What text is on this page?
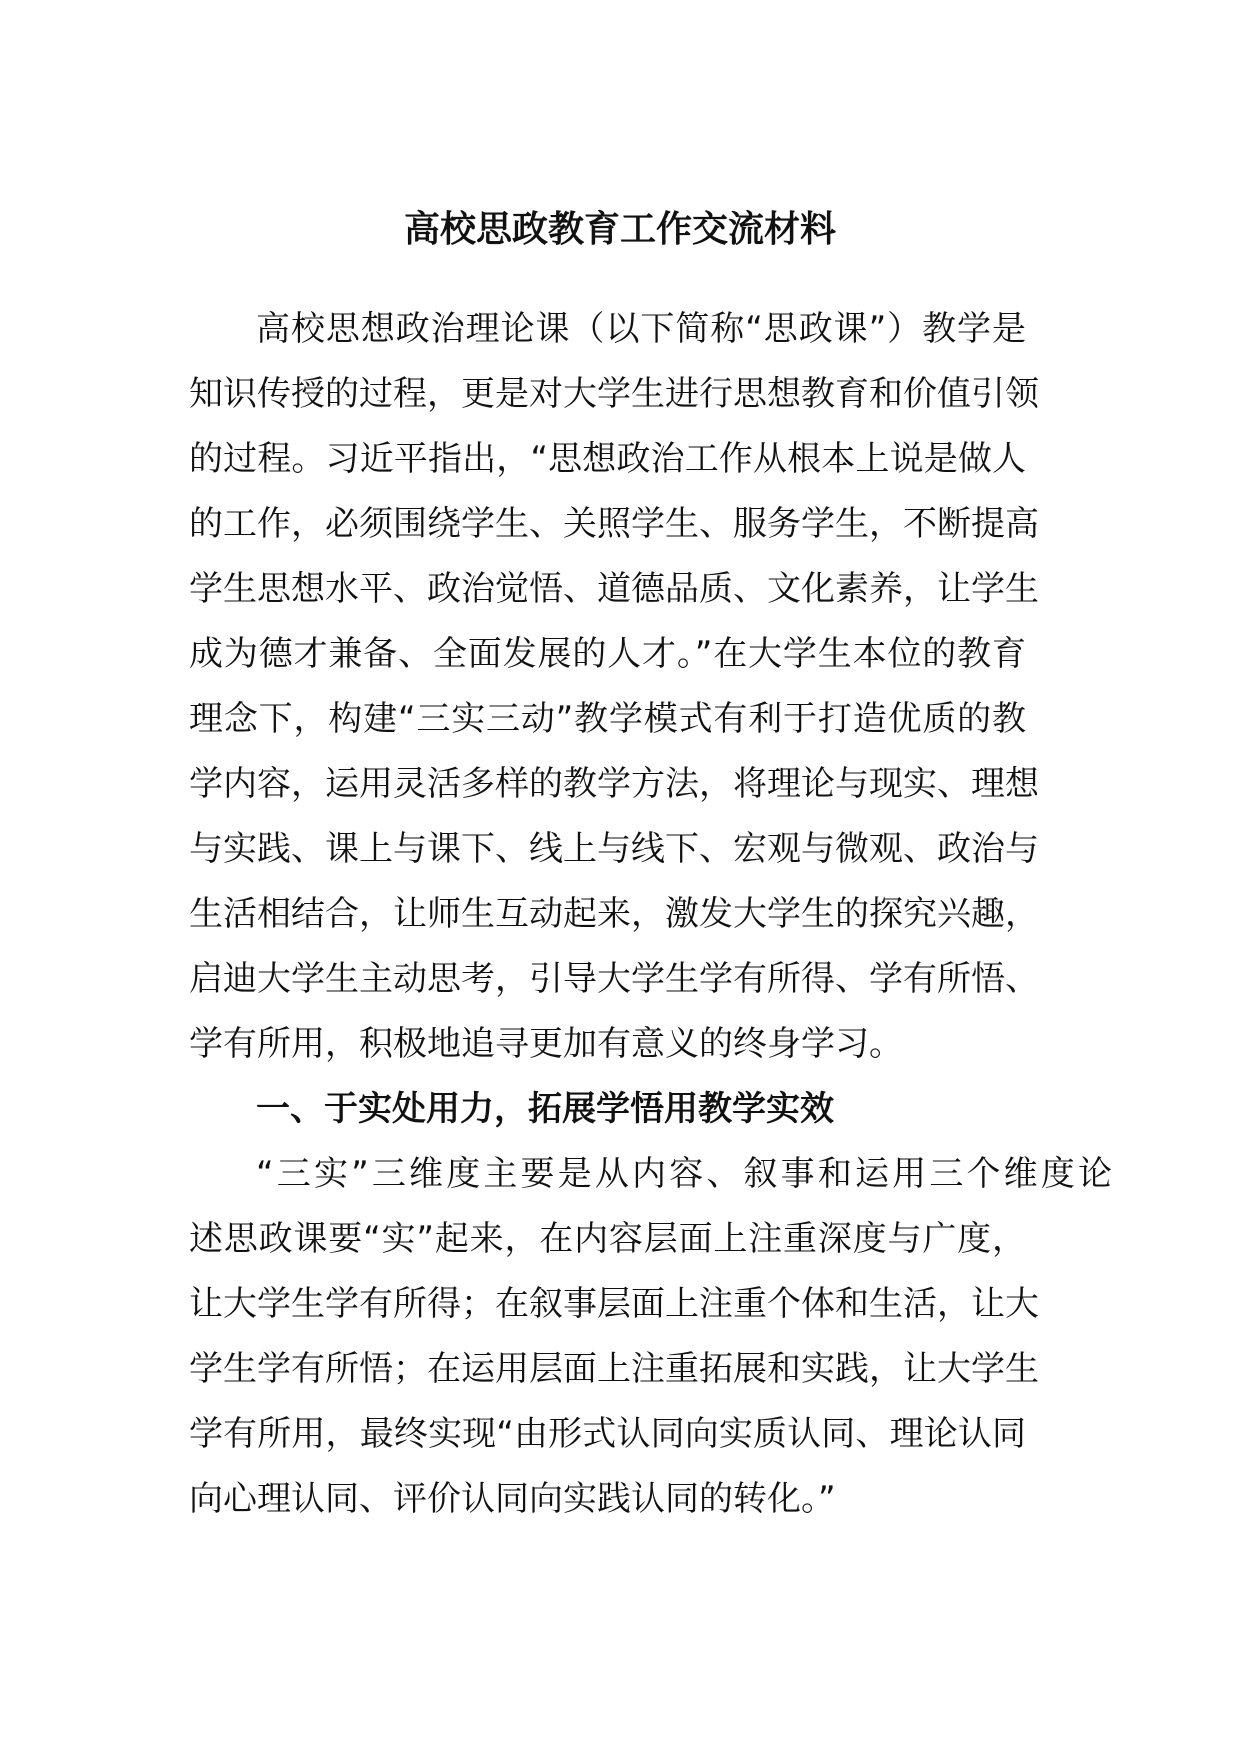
高校思政教育工作交流材料
高校思想政治理论课（以下简称“思政课”）教学是
知识传授的过程，更是对大学生进行思想教育和价值引领
的过程。习近平指出，“思想政治工作从根本上说是做人
的工作，必须围绕学生、关照学生、服务学生，不断提高
学生思想水平、政治觉悟、道德品质、文化素养，让学生
成为德才兼备、全面发展的人才。”在大学生本位的教育
理念下，构建“三实三动”教学模式有利于打造优质的教
学内容，运用灵活多样的教学方法，将理论与现实、理想
与实践、课上与课下、线上与线下、宏观与微观、政治与
生活相结合，让师生互动起来，激发大学生的探究兴趣，
启迪大学生主动思考，引导大学生学有所得、学有所悟、
学有所用，积极地追寻更加有意义的终身学习。
一、于实处用力，拓展学悟用教学实效
“三实”三维度主要是从内容、叙事和运用三个维度论
述思政课要“实”起来，在内容层面上注重深度与广度，
让大学生学有所得；在叙事层面上注重个体和生活，让大
学生学有所悟；在运用层面上注重拓展和实践，让大学生
学有所用，最终实现“由形式认同向实质认同、理论认同
向心理认同、评价认同向实践认同的转化。”
